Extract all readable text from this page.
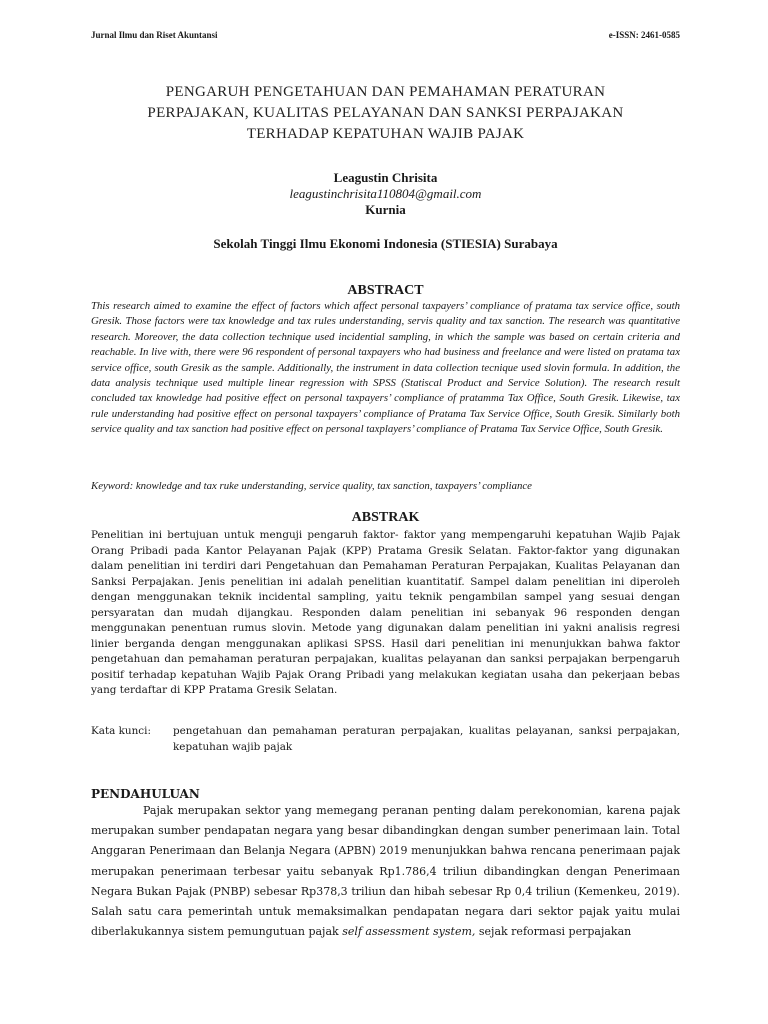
Jurnal Ilmu dan Riset Akuntansi	e-ISSN: 2461-0585
PENGARUH PENGETAHUAN DAN PEMAHAMAN PERATURAN
PERPAJAKAN, KUALITAS PELAYANAN DAN SANKSI PERPAJAKAN
TERHADAP KEPATUHAN WAJIB PAJAK
Leagustin Chrisita
leagustinchrisita110804@gmail.com
Kurnia
Sekolah Tinggi Ilmu Ekonomi Indonesia (STIESIA) Surabaya
ABSTRACT

This research aimed to examine the effect of factors which affect personal taxpayers’ compliance of pratama tax service office, south Gresik. Those factors were tax knowledge and tax rules understanding, servis quality and tax sanction. The research was quantitative research. Moreover, the data collection technique used incidential sampling, in which the sample was based on certain criteria and reachable. In live with, there were 96 respondent of personal taxpayers who had business and freelance and were listed on pratama tax service office, south Gresik as the sample. Additionally, the instrument in data collection tecnique used slovin formula. In addition, the data analysis technique used multiple linear regression with SPSS (Statiscal Product and Service Solution). The research result concluded tax knowledge had positive effect on personal taxpayers’ compliance of pratamma Tax Office, South Gresik. Likewise, tax rule understanding had positive effect on personal taxpayers’ compliance of Pratama Tax Service Office, South Gresik. Similarly both service quality and tax sanction had positive effect on personal taxplayers’ compliance of Pratama Tax Service Office, South Gresik.

Keyword: knowledge and tax ruke understanding, service quality, tax sanction, taxpayers’ compliance
ABSTRAK

Penelitian ini bertujuan untuk menguji pengaruh faktor- faktor yang mempengaruhi kepatuhan Wajib Pajak Orang Pribadi pada Kantor Pelayanan Pajak (KPP) Pratama Gresik Selatan. Faktor-faktor yang digunakan dalam penelitian ini terdiri dari Pengetahuan dan Pemahaman Peraturan Perpajakan, Kualitas Pelayanan dan Sanksi Perpajakan. Jenis penelitian ini adalah penelitian kuantitatif. Sampel dalam penelitian ini diperoleh dengan menggunakan teknik incidental sampling, yaitu teknik pengambilan sampel yang sesuai dengan persyaratan dan mudah dijangkau. Responden dalam penelitian ini sebanyak 96 responden dengan menggunakan penentuan rumus slovin. Metode yang digunakan dalam penelitian ini yakni analisis regresi linier berganda dengan menggunakan aplikasi SPSS. Hasil dari penelitian ini menunjukkan bahwa faktor pengetahuan dan pemahaman peraturan perpajakan, kualitas pelayanan dan sanksi perpajakan berpengaruh positif terhadap kepatuhan Wajib Pajak Orang Pribadi yang melakukan kegiatan usaha dan pekerjaan bebas yang terdaftar di KPP Pratama Gresik Selatan.

Kata kunci:	pengetahuan dan pemahaman peraturan perpajakan, kualitas pelayanan, sanksi perpajakan, kepatuhan wajib pajak
PENDAHULUAN

Pajak merupakan sektor yang memegang peranan penting dalam perekonomian, karena pajak merupakan sumber pendapatan negara yang besar dibandingkan dengan sumber penerimaan lain. Total Anggaran Penerimaan dan Belanja Negara (APBN) 2019 menunjukkan bahwa rencana penerimaan pajak merupakan penerimaan terbesar yaitu sebanyak Rp1.786,4 triliun dibandingkan dengan Penerimaan Negara Bukan Pajak (PNBP) sebesar Rp378,3 triliun dan hibah sebesar Rp 0,4 triliun (Kemenkeu, 2019). Salah satu cara pemerintah untuk memaksimalkan pendapatan negara dari sektor pajak yaitu mulai diberlakukannya sistem pemungutuan pajak self assessment system, sejak reformasi perpajakan
